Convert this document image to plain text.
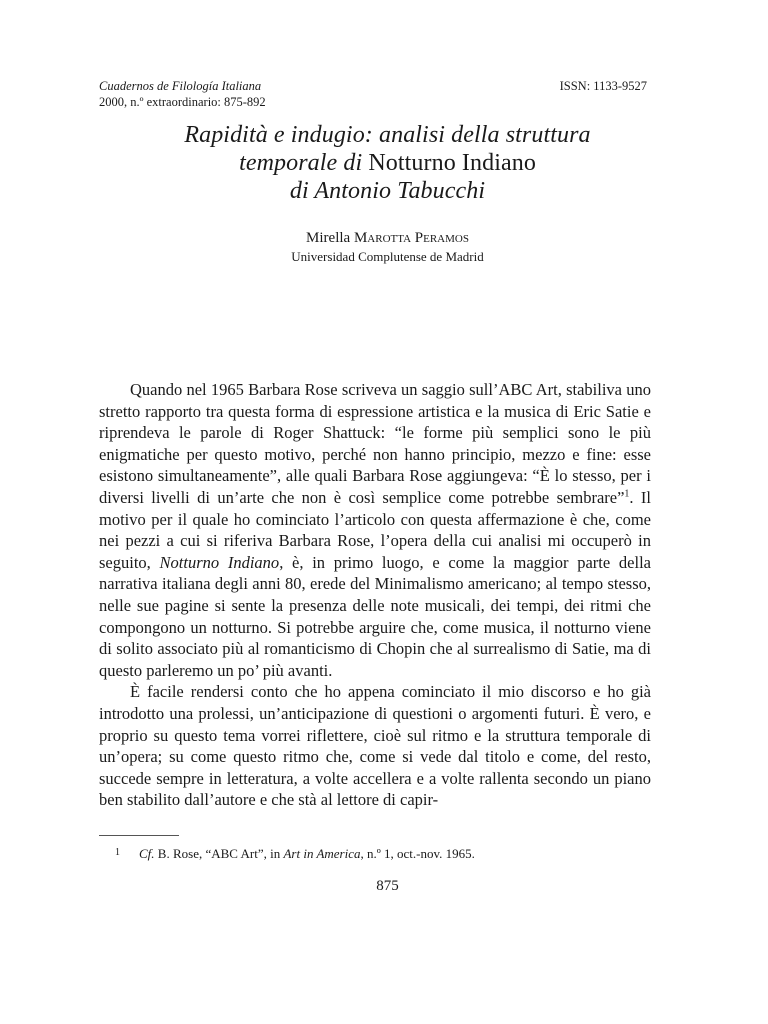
Cuadernos de Filología Italiana
2000, n.º extraordinario: 875-892
ISSN: 1133-9527
Rapidità e indugio: analisi della struttura
temporale di Notturno Indiano
di Antonio Tabucchi
Mirella Marotta Peramos
Universidad Complutense de Madrid

Quando nel 1965 Barbara Rose scriveva un saggio sull’ABC Art, stabiliva uno stretto rapporto tra questa forma di espressione artistica e la musica di Eric Satie e riprendeva le parole di Roger Shattuck: “le forme più semplici sono le più enigmatiche per questo motivo, perché non hanno principio, mezzo e fine: esse esistono simultaneamente”, alle quali Barbara Rose aggiungeva: “È lo stesso, per i diversi livelli di un’arte che non è così semplice come potrebbe sembrare”$^1$. Il motivo per il quale ho cominciato l’articolo con questa affermazione è che, come nei pezzi a cui si riferiva Barbara Rose, l’opera della cui analisi mi occuperò in seguito, Notturno Indiano, è, in primo luogo, e come la maggior parte della narrativa italiana degli anni 80, erede del Minimalismo americano; al tempo stesso, nelle sue pagine si sente la presenza delle note musicali, dei tempi, dei ritmi che compongono un notturno. Si potrebbe arguire che, come musica, il notturno viene di solito associato più al romanticismo di Chopin che al surrealismo di Satie, ma di questo parleremo un po’ più avanti.

È facile rendersi conto che ho appena cominciato il mio discorso e ho già introdotto una prolessi, un’anticipazione di questioni o argomenti futuri. È vero, e proprio su questo tema vorrei riflettere, cioè sul ritmo e la struttura temporale di un’opera; su come questo ritmo che, come si vede dal titolo e come, del resto, succede sempre in letteratura, a volte accellera e a volte rallenta secondo un piano ben stabilito dall’autore e che stà al lettore di capir-

1 Cf. B. Rose, “ABC Art”, in Art in America, n.º 1, oct.-nov. 1965.
875
